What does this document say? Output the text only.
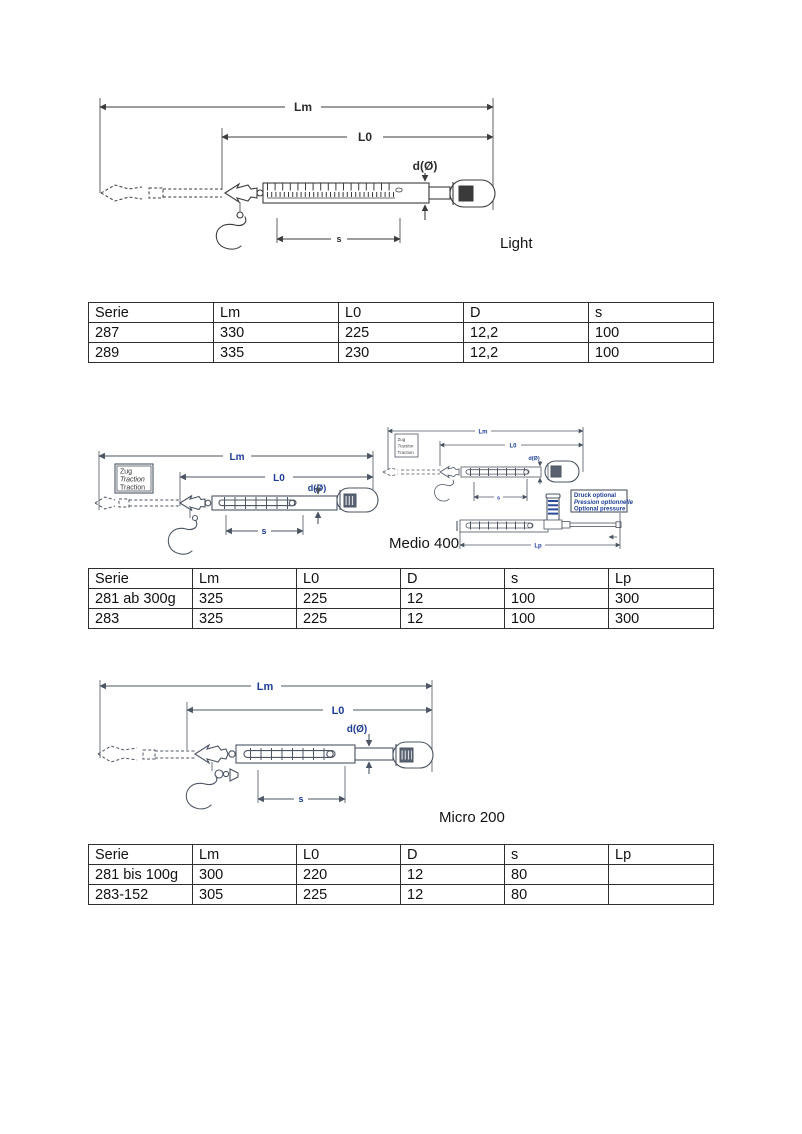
Lm
L0
d(Ø)
s	Light
Serie	Lm	L0	D	s
287	330	225	12,2	100
289	335	230	12,2	100
Lm
Zug
Traction
Traction
L0
d(Ø)
s
Lm
Zug
Traction
Traction
L0
d(Ø)
s	Druck optional
Pression optionnelle
Optional pressure
Lp
Medio 400
Serie	Lm	L0	D	s	Lp
281 ab 300g	325	225	12	100	300
283	325	225	12	100	300
Lm
L0
d(Ø)
s
Micro 200
Serie	Lm	L0	D	s	Lp
281 bis 100g	300	220	12	80	
283-152	305	225	12	80	
